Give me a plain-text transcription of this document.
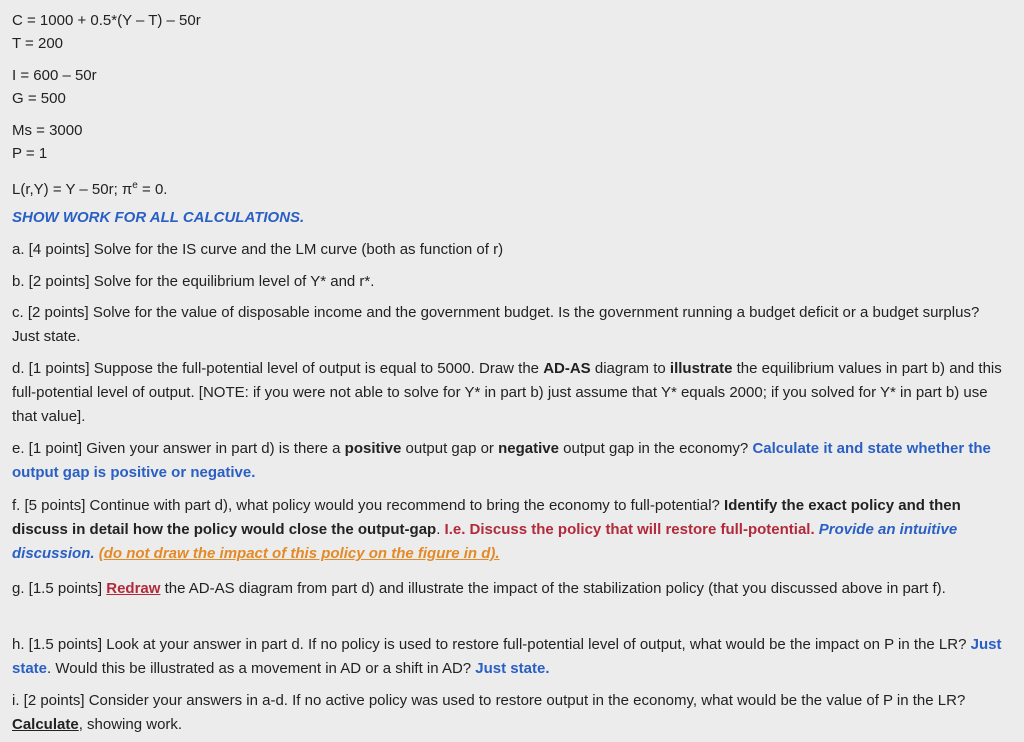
C = 1000 + 0.5*(Y – T) – 50r
T = 200
I = 600 – 50r
G = 500
Ms = 3000
P = 1
L(r,Y) = Y – 50r; $\pi^e = 0$.
SHOW WORK FOR ALL CALCULATIONS.
a. [4 points] Solve for the IS curve and the LM curve (both as function of r)
b. [2 points] Solve for the equilibrium level of Y* and r*.
c. [2 points] Solve for the value of disposable income and the government budget. Is the government running a budget deficit or a budget surplus? Just state.
d. [1 points] Suppose the full-potential level of output is equal to 5000. Draw the AD-AS diagram to illustrate the equilibrium values in part b) and this full-potential level of output. [NOTE: if you were not able to solve for Y* in part b) just assume that Y* equals 2000; if you solved for Y* in part b) use that value].
e. [1 point] Given your answer in part d) is there a positive output gap or negative output gap in the economy? Calculate it and state whether the output gap is positive or negative.
f. [5 points] Continue with part d), what policy would you recommend to bring the economy to full-potential? Identify the exact policy and then discuss in detail how the policy would close the output-gap. I.e. Discuss the policy that will restore full-potential. Provide an intuitive discussion. (do not draw the impact of this policy on the figure in d).
g. [1.5 points] Redraw the AD-AS diagram from part d) and illustrate the impact of the stabilization policy (that you discussed above in part f).
h. [1.5 points] Look at your answer in part d. If no policy is used to restore full-potential level of output, what would be the impact on P in the LR? Just state. Would this be illustrated as a movement in AD or a shift in AD? Just state.
i. [2 points] Consider your answers in a-d. If no active policy was used to restore output in the economy, what would be the value of P in the LR? Calculate, showing work.
